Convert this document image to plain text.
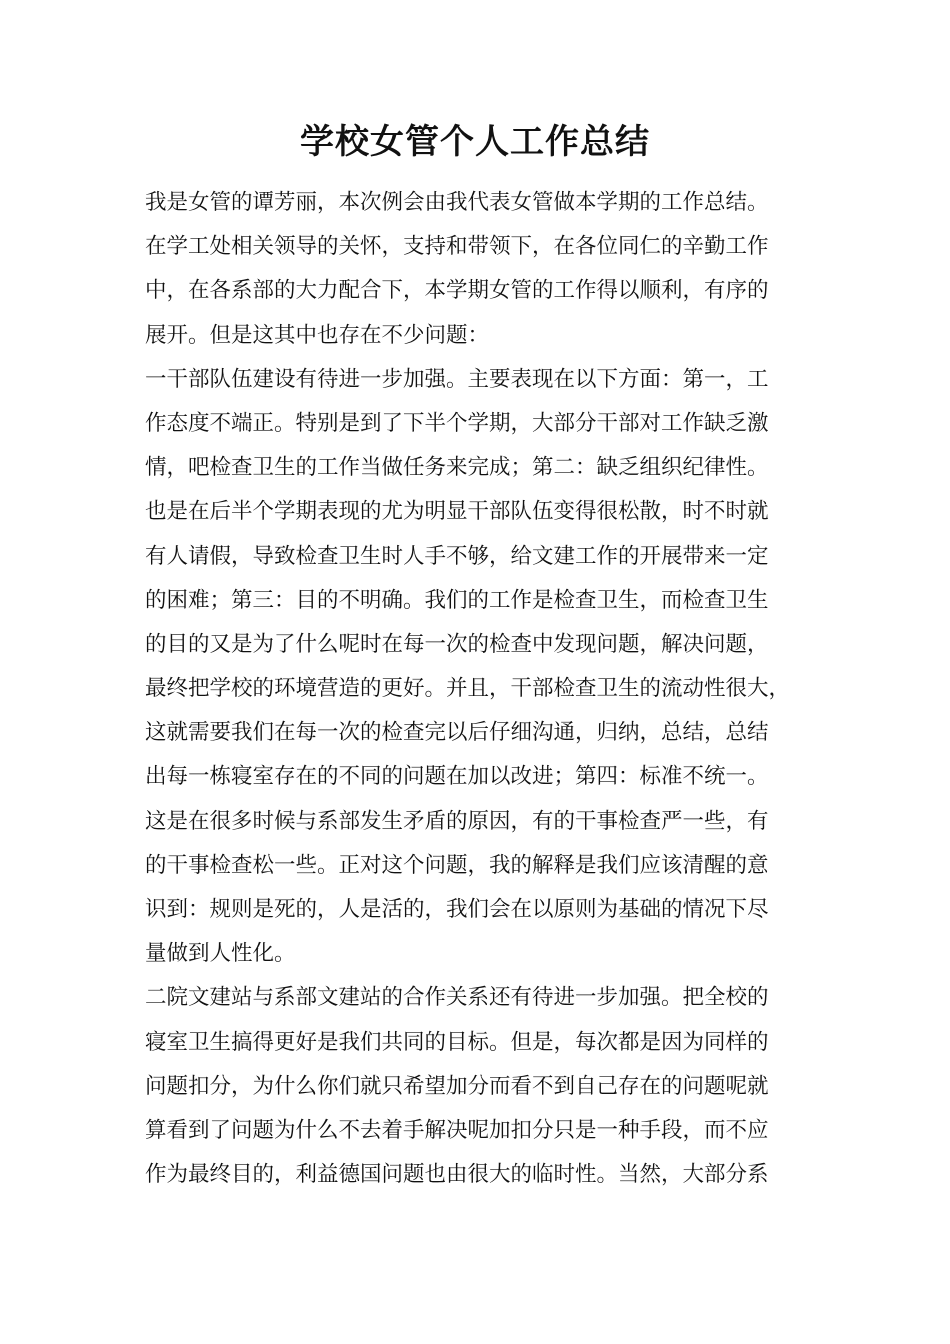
学校女管个人工作总结
我是女管的谭芳丽，本次例会由我代表女管做本学期的工作总结。
在学工处相关领导的关怀，支持和带领下，在各位同仁的辛勤工作
中，在各系部的大力配合下，本学期女管的工作得以顺利，有序的
展开。但是这其中也存在不少问题：
一干部队伍建设有待进一步加强。主要表现在以下方面：第一，工
作态度不端正。特别是到了下半个学期，大部分干部对工作缺乏激
情，吧检查卫生的工作当做任务来完成；第二：缺乏组织纪律性。
也是在后半个学期表现的尤为明显干部队伍变得很松散，时不时就
有人请假，导致检查卫生时人手不够，给文建工作的开展带来一定
的困难；第三：目的不明确。我们的工作是检查卫生，而检查卫生
的目的又是为了什么呢时在每一次的检查中发现问题，解决问题，
最终把学校的环境营造的更好。并且，干部检查卫生的流动性很大，
这就需要我们在每一次的检查完以后仔细沟通，归纳，总结，总结
出每一栋寝室存在的不同的问题在加以改进；第四：标准不统一。
这是在很多时候与系部发生矛盾的原因，有的干事检查严一些，有
的干事检查松一些。正对这个问题，我的解释是我们应该清醒的意
识到：规则是死的，人是活的，我们会在以原则为基础的情况下尽
量做到人性化。
二院文建站与系部文建站的合作关系还有待进一步加强。把全校的
寝室卫生搞得更好是我们共同的目标。但是，每次都是因为同样的
问题扣分，为什么你们就只希望加分而看不到自己存在的问题呢就
算看到了问题为什么不去着手解决呢加扣分只是一种手段，而不应
作为最终目的，利益德国问题也由很大的临时性。当然，大部分系
